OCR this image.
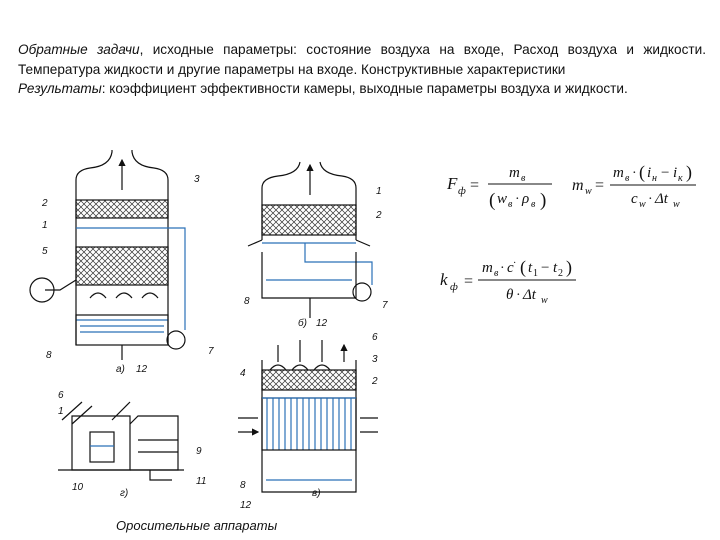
Обратные задачи, исходные параметры: состояние воздуха на входе, Расход воздуха и жидкости. Температура жидкости и другие параметры на входе. Конструктивные характеристики
Результаты: коэффициент эффективности камеры, выходные параметры воздуха и жидкости.

F ф =
m в
( w в · ρ в )
m w =
m в · ( i н − i к )
c w · Δt w
k ф =
m в · c · ( t 1 − t 2 )
θ · Δt w
3
2
1
5
8	7
а) 12
1
2
8	7
б) 12
6
3
2
4
8
12
в)
6
1
9
10
11
г)
Оросительные аппараты
